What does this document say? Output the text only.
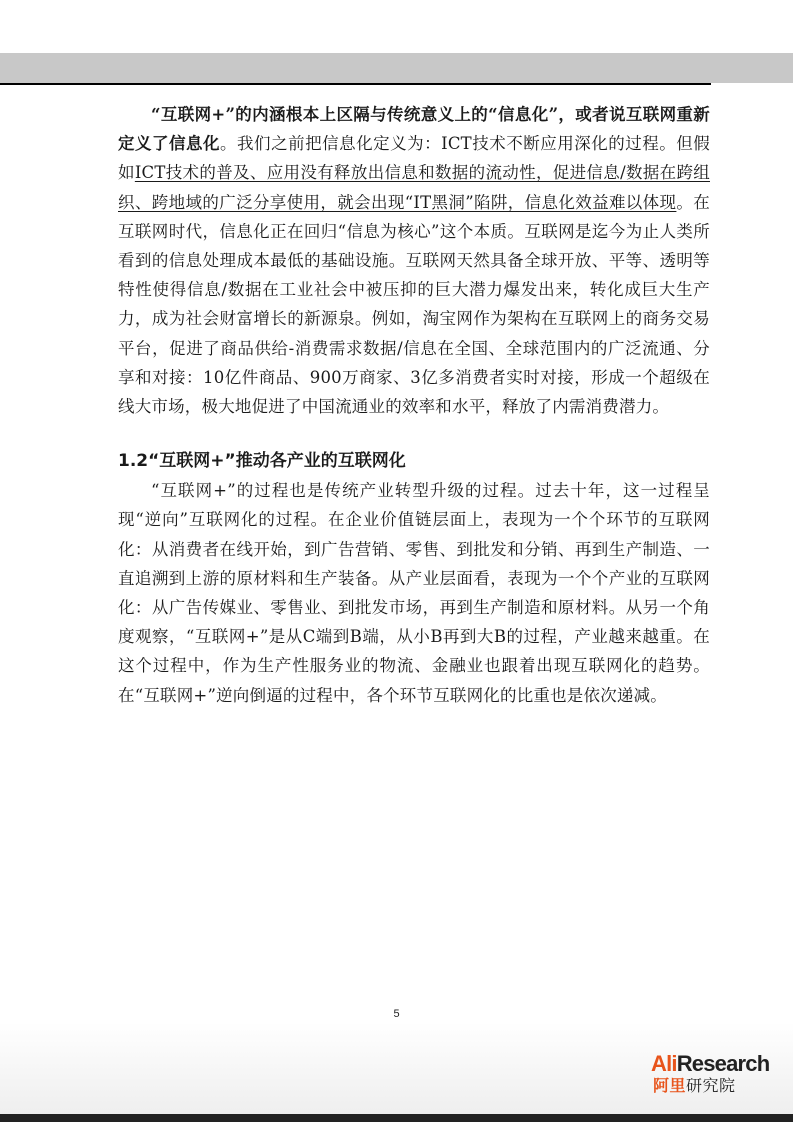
“互联网+”的内涵根本上区隔与传统意义上的“信息化”，或者说互联网重新定义了信息化。我们之前把信息化定义为：ICT技术不断应用深化的过程。但假如ICT技术的普及、应用没有释放出信息和数据的流动性，促进信息/数据在跨组织、跨地域的广泛分享使用，就会出现“IT黑洞”陷阱，信息化效益难以体现。在互联网时代，信息化正在回归“信息为核心”这个本质。互联网是迄今为止人类所看到的信息处理成本最低的基础设施。互联网天然具备全球开放、平等、透明等特性使得信息/数据在工业社会中被压抑的巨大潜力爆发出来，转化成巨大生产力，成为社会财富增长的新源泉。例如，淘宝网作为架构在互联网上的商务交易平台，促进了商品供给-消费需求数据/信息在全国、全球范围内的广泛流通、分享和对接：10亿件商品、900万商家、3亿多消费者实时对接，形成一个超级在线大市场，极大地促进了中国流通业的效率和水平，释放了内需消费潜力。

1.2“互联网+”推动各产业的互联网化

“互联网+”的过程也是传统产业转型升级的过程。过去十年，这一过程呈现“逆向”互联网化的过程。在企业价值链层面上，表现为一个个环节的互联网化：从消费者在线开始，到广告营销、零售、到批发和分销、再到生产制造、一直追溯到上游的原材料和生产装备。从产业层面看，表现为一个个产业的互联网化：从广告传媒业、零售业、到批发市场，再到生产制造和原材料。从另一个角度观察，“互联网+”是从C端到B端，从小B再到大B的过程，产业越来越重。在这个过程中，作为生产性服务业的物流、金融业也跟着出现互联网化的趋势。在“互联网+”逆向倒逼的过程中，各个环节互联网化的比重也是依次递减。

5
AliResearch
阿里研究院
